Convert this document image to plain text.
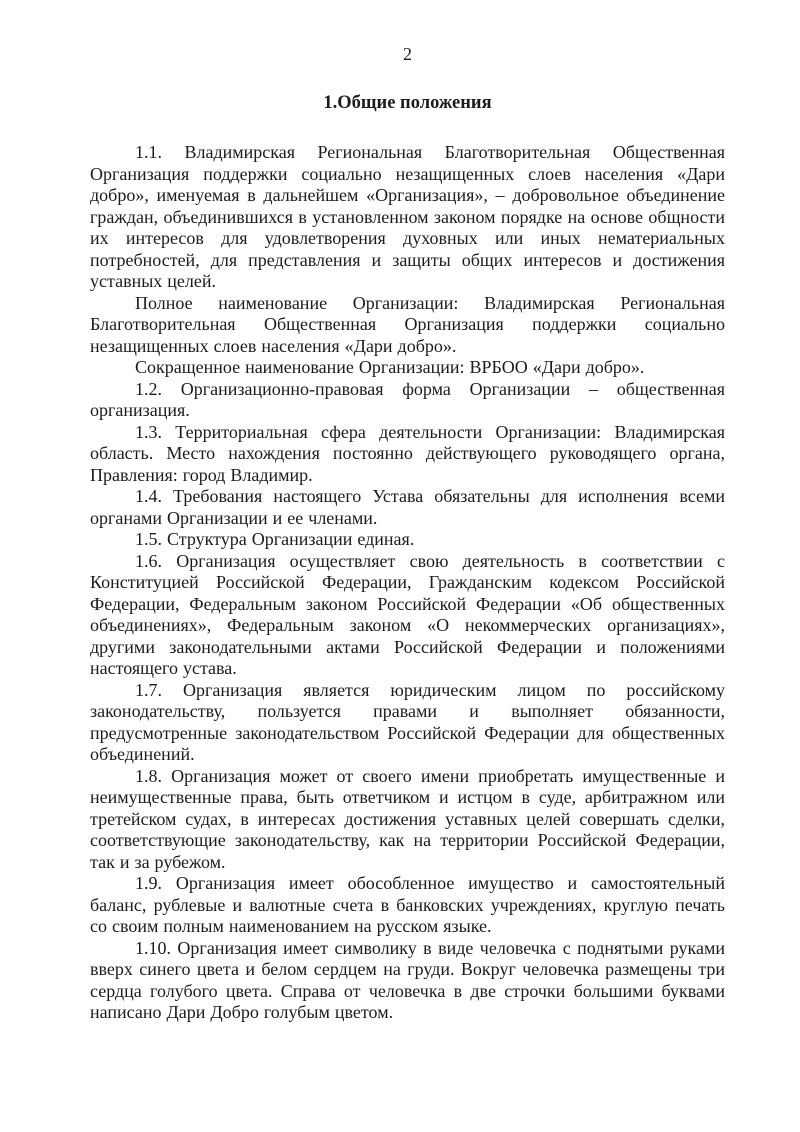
2
1.Общие положения

1.1. Владимирская Региональная Благотворительная Общественная Организация поддержки социально незащищенных слоев населения «Дари добро», именуемая в дальнейшем «Организация», – добровольное объединение граждан, объединившихся в установленном законом порядке на основе общности их интересов для удовлетворения духовных или иных нематериальных потребностей, для представления и защиты общих интересов и достижения уставных целей.

Полное наименование Организации: Владимирская Региональная Благотворительная Общественная Организация поддержки социально незащищенных слоев населения «Дари добро».

Сокращенное наименование Организации: ВРБОО «Дари добро».

1.2. Организационно-правовая форма Организации – общественная организация.

1.3. Территориальная сфера деятельности Организации: Владимирская область. Место нахождения постоянно действующего руководящего органа, Правления: город Владимир.

1.4. Требования настоящего Устава обязательны для исполнения всеми органами Организации и ее членами.

1.5. Структура Организации единая.

1.6. Организация осуществляет свою деятельность в соответствии с Конституцией Российской Федерации, Гражданским кодексом Российской Федерации, Федеральным законом Российской Федерации «Об общественных объединениях», Федеральным законом «О некоммерческих организациях», другими законодательными актами Российской Федерации и положениями настоящего устава.

1.7. Организация является юридическим лицом по российскому законодательству, пользуется правами и выполняет обязанности, предусмотренные законодательством Российской Федерации для общественных объединений.

1.8. Организация может от своего имени приобретать имущественные и неимущественные права, быть ответчиком и истцом в суде, арбитражном или третейском судах, в интересах достижения уставных целей совершать сделки, соответствующие законодательству, как на территории Российской Федерации, так и за рубежом.

1.9. Организация имеет обособленное имущество и самостоятельный баланс, рублевые и валютные счета в банковских учреждениях, круглую печать со своим полным наименованием на русском языке.

1.10. Организация имеет символику в виде человечка с поднятыми руками вверх синего цвета и белом сердцем на груди. Вокруг человечка размещены три сердца голубого цвета. Справа от человечка в две строчки большими буквами написано Дари Добро голубым цветом.
